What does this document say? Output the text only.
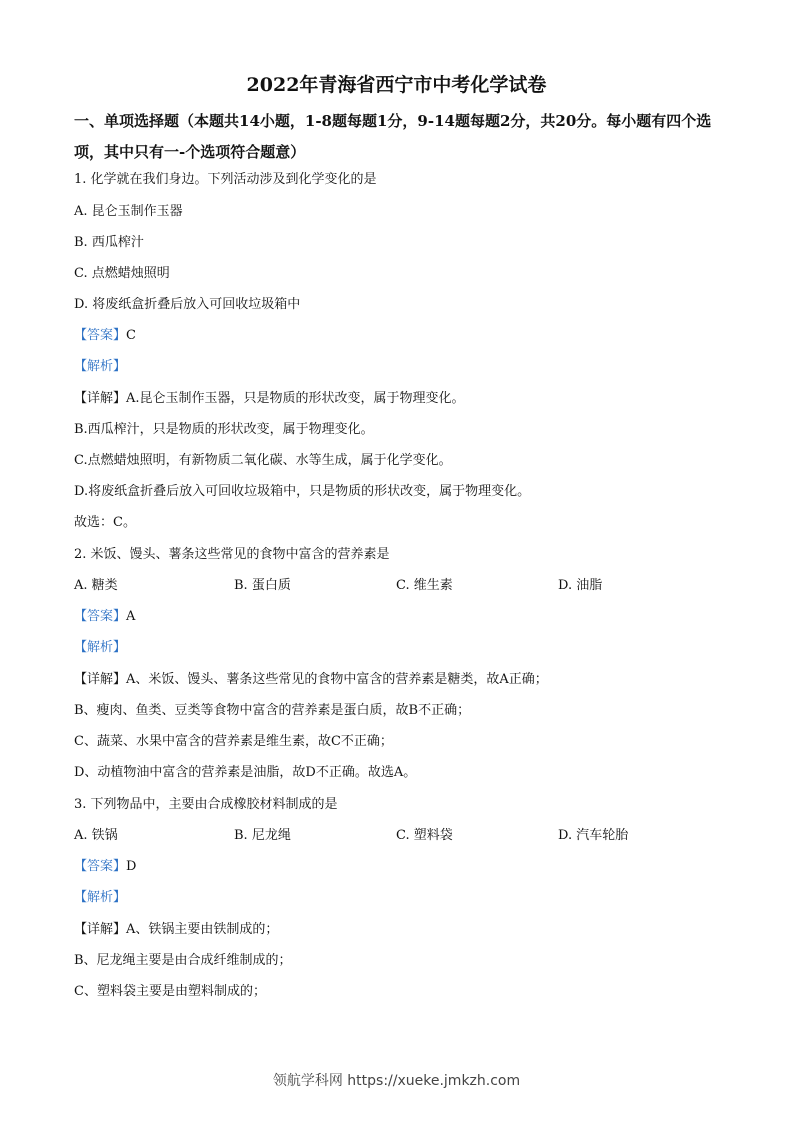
2022年青海省西宁市中考化学试卷
一、单项选择题（本题共14小题，1-8题每题1分，9-14题每题2分，共20分。每小题有四个选项，其中只有一-个选项符合题意）
1. 化学就在我们身边。下列活动涉及到化学变化的是
A. 昆仑玉制作玉器
B. 西瓜榨汁
C. 点燃蜡烛照明
D. 将废纸盒折叠后放入可回收垃圾箱中
【答案】C
【解析】
【详解】A.昆仑玉制作玉器，只是物质的形状改变，属于物理变化。
B.西瓜榨汁，只是物质的形状改变，属于物理变化。
C.点燃蜡烛照明，有新物质二氧化碳、水等生成，属于化学变化。
D.将废纸盒折叠后放入可回收垃圾箱中，只是物质的形状改变，属于物理变化。
故选：C。
2. 米饭、馒头、薯条这些常见的食物中富含的营养素是
A. 糖类	B. 蛋白质	C. 维生素	D. 油脂
【答案】A
【解析】
【详解】A、米饭、馒头、薯条这些常见的食物中富含的营养素是糖类，故A正确；
B、瘦肉、鱼类、豆类等食物中富含的营养素是蛋白质，故B不正确；
C、蔬菜、水果中富含的营养素是维生素，故C不正确；
D、动植物油中富含的营养素是油脂，故D不正确。故选A。
3. 下列物品中，主要由合成橡胶材料制成的是
A. 铁锅	B. 尼龙绳	C. 塑料袋	D. 汽车轮胎
【答案】D
【解析】
【详解】A、铁锅主要由铁制成的；
B、尼龙绳主要是由合成纤维制成的；
C、塑料袋主要是由塑料制成的；
领航学科网 https://xueke.jmkzh.com
